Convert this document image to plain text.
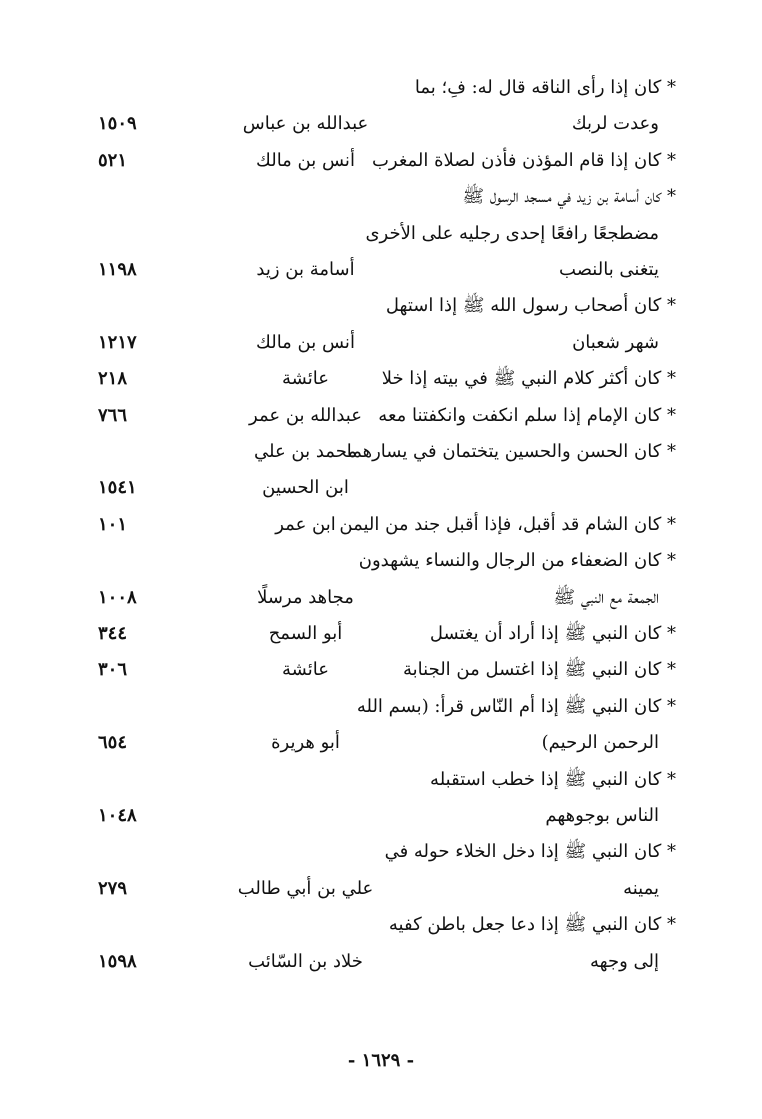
* كان إذا رأى الناقه قال له: فِ؛ بما
وعدت لربك
عبدالله بن عباس
١٥٠٩
* كان إذا قام المؤذن فأذن لصلاة المغرب
أنس بن مالك
٥٢١
* كان أسامة بن زيد في مسجد الرسول ﷺ
مضطجعًا رافعًا إحدى رجليه على الأخرى
يتغنى بالنصب
أسامة بن زيد
١١٩٨
* كان أصحاب رسول الله ﷺ إذا استهل
شهر شعبان
أنس بن مالك
١٢١٧
* كان أكثر كلام النبي ﷺ في بيته إذا خلا
عائشة
٢١٨
* كان الإمام إذا سلم انكفت وانكفتنا معه
عبدالله بن عمر
٧٦٦
* كان الحسن والحسين يتختمان في يسارهما
محمد بن علي
ابن الحسين
١٥٤١
* كان الشام قد أقبل، فإذا أقبل جند من اليمن
ابن عمر
١٠١
* كان الضعفاء من الرجال والنساء يشهدون
الجمعة مع النبي ﷺ
مجاهد مرسلًا
١٠٠٨
* كان النبي ﷺ إذا أراد أن يغتسل
أبو السمح
٣٤٤
* كان النبي ﷺ إذا اغتسل من الجنابة
عائشة
٣٠٦
* كان النبي ﷺ إذا أم النّاس قرأ: (بسم الله
الرحمن الرحيم)
أبو هريرة
٦٥٤
* كان النبي ﷺ إذا خطب استقبله
الناس بوجوههم
١٠٤٨
* كان النبي ﷺ إذا دخل الخلاء حوله في
يمينه
علي بن أبي طالب
٢٧٩
* كان النبي ﷺ إذا دعا جعل باطن كفيه
إلى وجهه
خلاد بن السّائب
١٥٩٨
- ١٦٢٩ -
